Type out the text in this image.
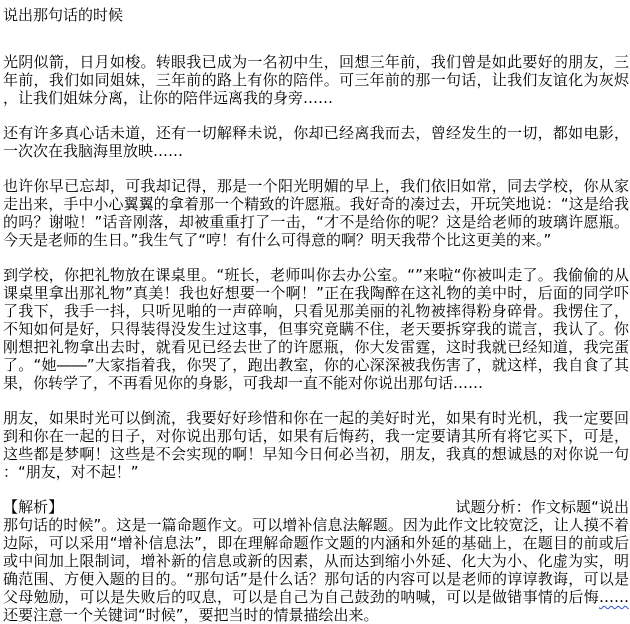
说出那句话的时候

光阴似箭，日月如梭。转眼我已成为一名初中生，回想三年前，我们曾是如此要好的朋友，三年前，我们如同姐妹，三年前的路上有你的陪伴。可三年前的那一句话，让我们友谊化为灰烬，让我们姐妹分离，让你的陪伴远离我的身旁……

还有许多真心话未道，还有一切解释未说，你却已经离我而去，曾经发生的一切，都如电影，一次次在我脑海里放映……

也许你早已忘却，可我却记得，那是一个阳光明媚的早上，我们依旧如常，同去学校，你从家走出来，手中小心翼翼的拿着那一个精致的许愿瓶。我好奇的凑过去，开玩笑地说：“这是给我的吗？谢啦！”话音刚落，却被重重打了一击，“才不是给你的呢？这是给老师的玻璃许愿瓶。今天是老师的生日。”我生气了“哼！有什么可得意的啊？明天我带个比这更美的来。”

到学校，你把礼物放在课桌里。“班长，老师叫你去办公室。“”来啦“你被叫走了。我偷偷的从课桌里拿出那礼物”真美！我也好想要一个啊！”正在我陶醉在这礼物的美中时，后面的同学吓了我下，我手一抖，只听见啪的一声碎响，只看见那美丽的礼物被摔得粉身碎骨。我愣住了，不知如何是好，只得装得没发生过这事，但事究竟瞒不住，老天要拆穿我的谎言，我认了。你刚想把礼物拿出去时，就看见已经去世了的许愿瓶，你大发雷霆，这时我就已经知道，我完蛋了。“她――”大家指着我，你哭了，跑出教室，你的心深深被我伤害了，就这样，我自食了其果，你转学了，不再看见你的身影，可我却一直不能对你说出那句话……

朋友，如果时光可以倒流，我要好好珍惜和你在一起的美好时光，如果有时光机，我一定要回到和你在一起的日子，对你说出那句话，如果有后悔药，我一定要请其所有将它买下，可是，这些都是梦啊！这些是不会实现的啊！早知今日何必当初，朋友，我真的想诚恳的对你说一句：“朋友，对不起！”

【解析】	试题分析：作文标题“说出那句话的时候”。这是一篇命题作文。可以增补信息法解题。因为此作文比较宽泛，让人摸不着边际，可以采用“增补信息法”，即在理解命题作文题的内涵和外延的基础上，在题目的前或后或中间加上限制词，增补新的信息或新的因素，从而达到缩小外延、化大为小、化虚为实，明确范围、方便入题的目的。“那句话”是什么话？那句话的内容可以是老师的谆谆教诲，可以是父母勉励，可以是失败后的叹息，可以是自己为自己鼓劲的呐喊，可以是做错事情的后悔……还要注意一个关键词“时候”，要把当时的情景描绘出来。
